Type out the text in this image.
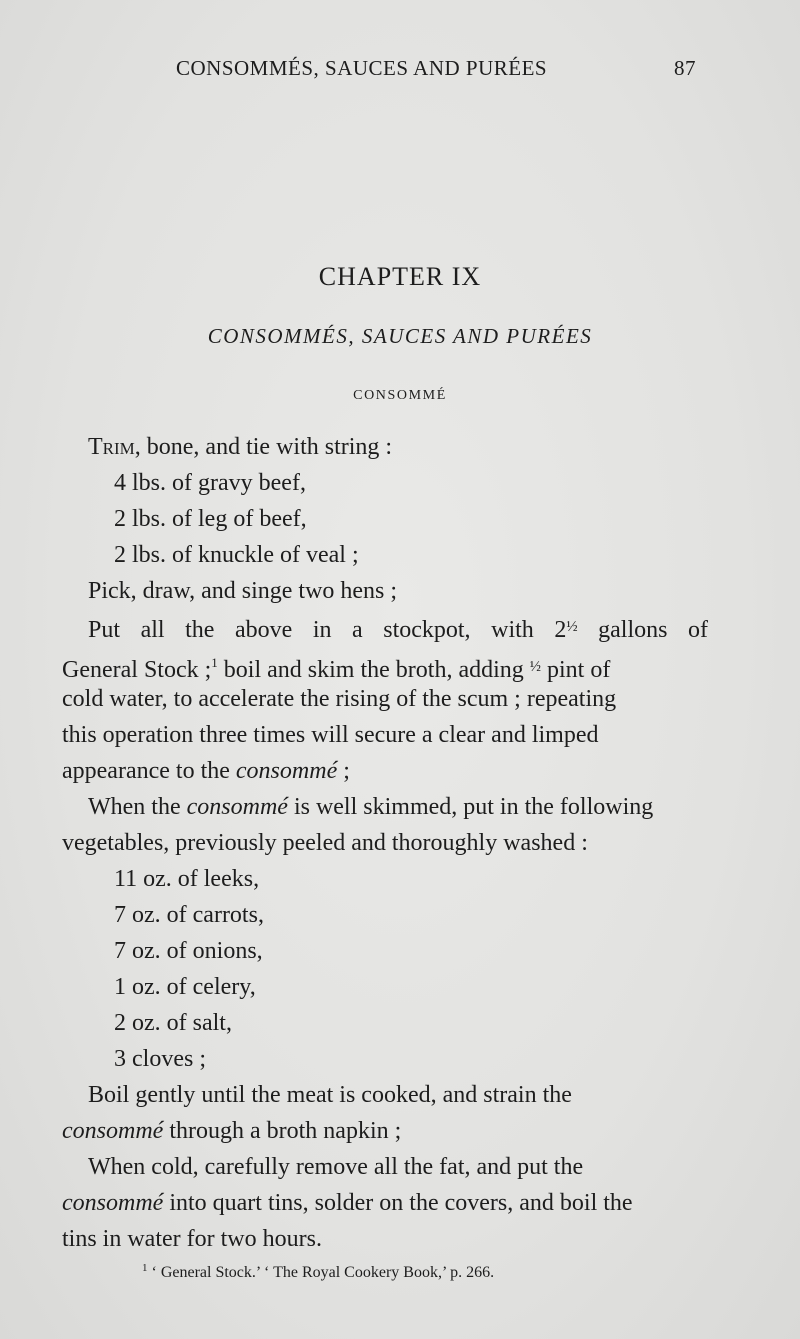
CONSOMMÉS, SAUCES AND PURÉES	87
CHAPTER IX
CONSOMMÉS, SAUCES AND PURÉES
CONSOMMÉ
Trim, bone, and tie with string :
4 lbs. of gravy beef,
2 lbs. of leg of beef,
2 lbs. of knuckle of veal ;
Pick, draw, and singe two hens ;
Put all the above in a stockpot, with $2^{\frac{1}{2}}$ gallons of
General Stock ;$^1$ boil and skim the broth, adding $^{\frac{1}{2}}$ pint of
cold water, to accelerate the rising of the scum ; repeating
this operation three times will secure a clear and limped
appearance to the consommé ;
When the consommé is well skimmed, put in the following
vegetables, previously peeled and thoroughly washed :
11 oz. of leeks,
7 oz. of carrots,
7 oz. of onions,
1 oz. of celery,
2 oz. of salt,
3 cloves ;
Boil gently until the meat is cooked, and strain the
consommé through a broth napkin ;
When cold, carefully remove all the fat, and put the
consommé into quart tins, solder on the covers, and boil the
tins in water for two hours.
$^1$ ‘ General Stock.’ ‘ The Royal Cookery Book,’ p. 266.
